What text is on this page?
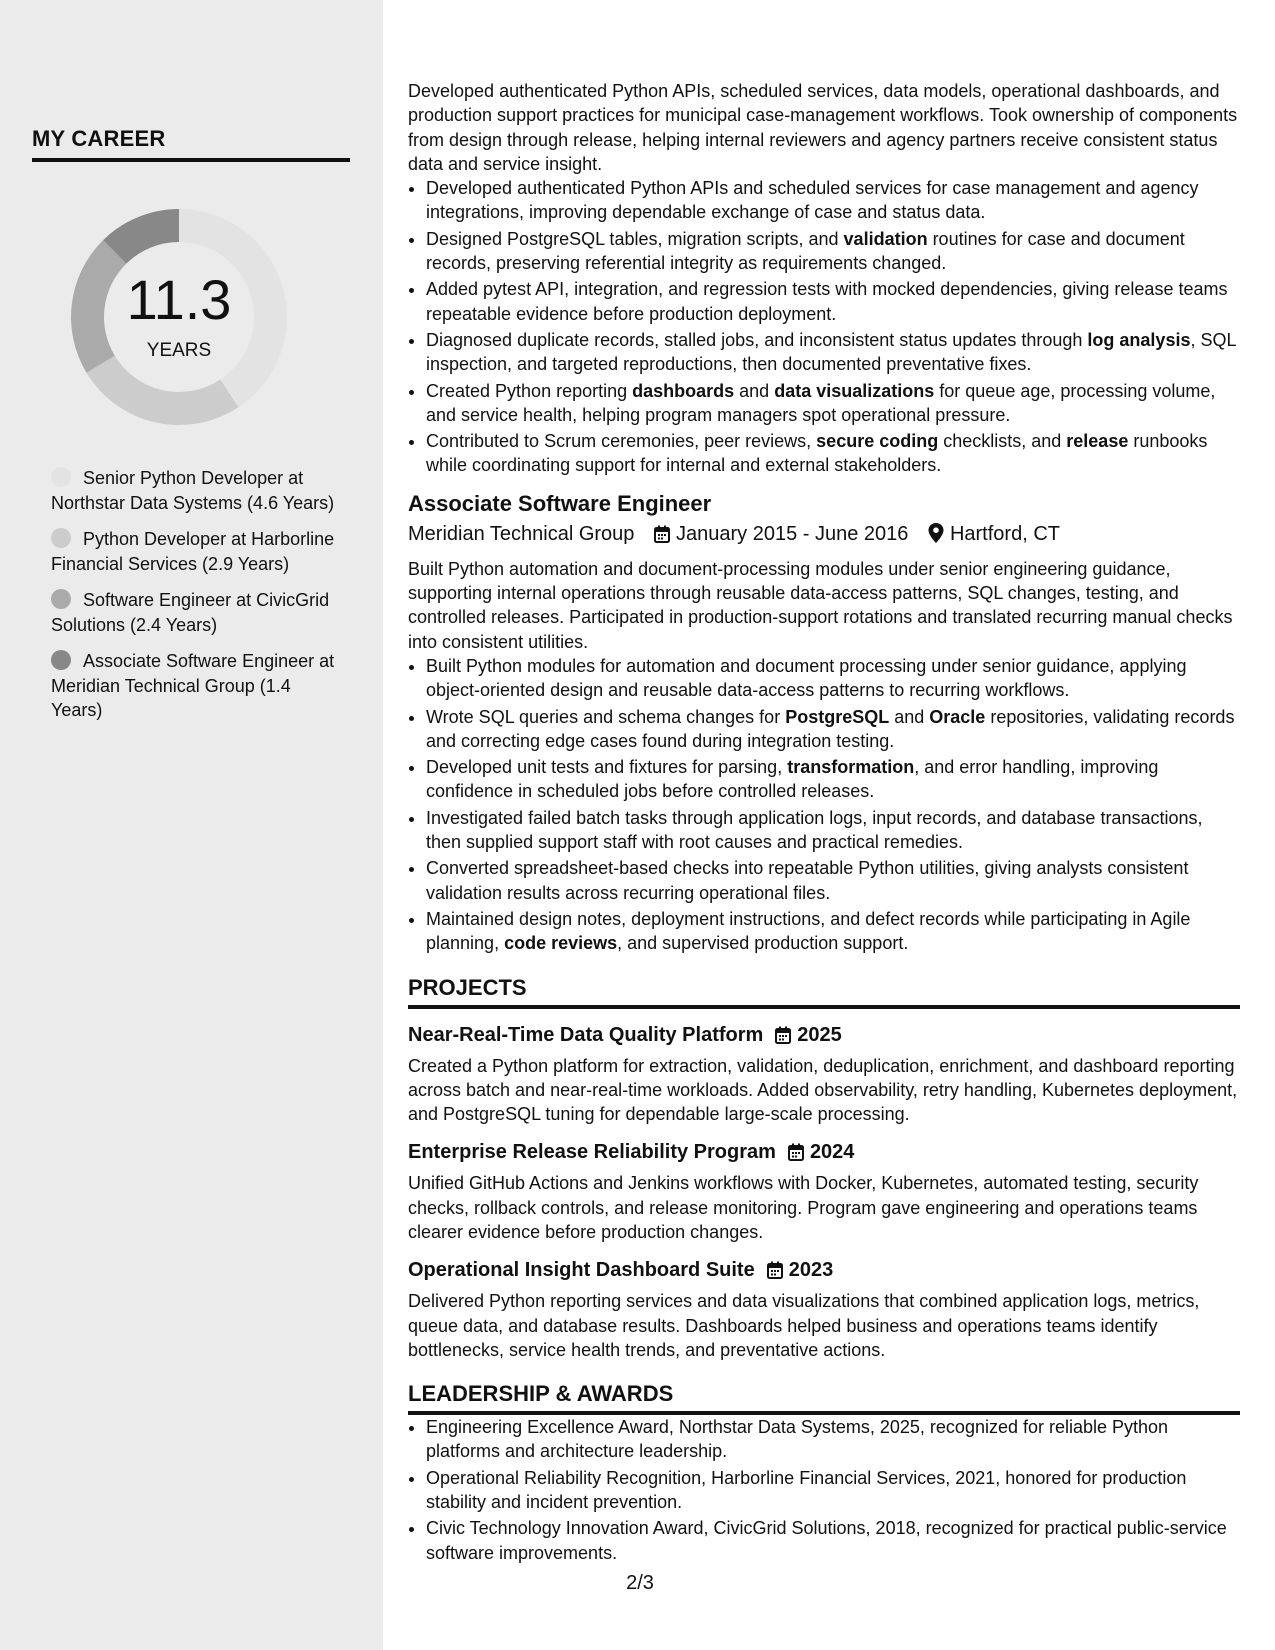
MY CAREER
11.3
YEARS
Senior Python Developer at Northstar Data Systems (4.6 Years)
Python Developer at Harborline Financial Services (2.9 Years)
Software Engineer at CivicGrid Solutions (2.4 Years)
Associate Software Engineer at Meridian Technical Group (1.4 Years)

Developed authenticated Python APIs, scheduled services, data models, operational dashboards, and production support practices for municipal case-management workflows. Took ownership of components from design through release, helping internal reviewers and agency partners receive consistent status data and service insight.

• Developed authenticated Python APIs and scheduled services for case management and agency integrations, improving dependable exchange of case and status data.
• Designed PostgreSQL tables, migration scripts, and validation routines for case and document records, preserving referential integrity as requirements changed.
• Added pytest API, integration, and regression tests with mocked dependencies, giving release teams repeatable evidence before production deployment.
• Diagnosed duplicate records, stalled jobs, and inconsistent status updates through log analysis, SQL inspection, and targeted reproductions, then documented preventative fixes.
• Created Python reporting dashboards and data visualizations for queue age, processing volume, and service health, helping program managers spot operational pressure.
• Contributed to Scrum ceremonies, peer reviews, secure coding checklists, and release runbooks while coordinating support for internal and external stakeholders.
Associate Software Engineer
Meridian Technical Group January 2015 - June 2016 Hartford, CT

Built Python automation and document-processing modules under senior engineering guidance, supporting internal operations through reusable data-access patterns, SQL changes, testing, and controlled releases. Participated in production-support rotations and translated recurring manual checks into consistent utilities.

• Built Python modules for automation and document processing under senior guidance, applying object-oriented design and reusable data-access patterns to recurring workflows.
• Wrote SQL queries and schema changes for PostgreSQL and Oracle repositories, validating records and correcting edge cases found during integration testing.
• Developed unit tests and fixtures for parsing, transformation, and error handling, improving confidence in scheduled jobs before controlled releases.
• Investigated failed batch tasks through application logs, input records, and database transactions, then supplied support staff with root causes and practical remedies.
• Converted spreadsheet-based checks into repeatable Python utilities, giving analysts consistent validation results across recurring operational files.
• Maintained design notes, deployment instructions, and defect records while participating in Agile planning, code reviews, and supervised production support.
PROJECTS
Near-Real-Time Data Quality Platform 2025

Created a Python platform for extraction, validation, deduplication, enrichment, and dashboard reporting across batch and near-real-time workloads. Added observability, retry handling, Kubernetes deployment, and PostgreSQL tuning for dependable large-scale processing.

Enterprise Release Reliability Program 2024

Unified GitHub Actions and Jenkins workflows with Docker, Kubernetes, automated testing, security checks, rollback controls, and release monitoring. Program gave engineering and operations teams clearer evidence before production changes.

Operational Insight Dashboard Suite 2023

Delivered Python reporting services and data visualizations that combined application logs, metrics, queue data, and database results. Dashboards helped business and operations teams identify bottlenecks, service health trends, and preventative actions.

LEADERSHIP & AWARDS
• Engineering Excellence Award, Northstar Data Systems, 2025, recognized for reliable Python platforms and architecture leadership.
• Operational Reliability Recognition, Harborline Financial Services, 2021, honored for production stability and incident prevention.
• Civic Technology Innovation Award, CivicGrid Solutions, 2018, recognized for practical public-service software improvements.
2/3
